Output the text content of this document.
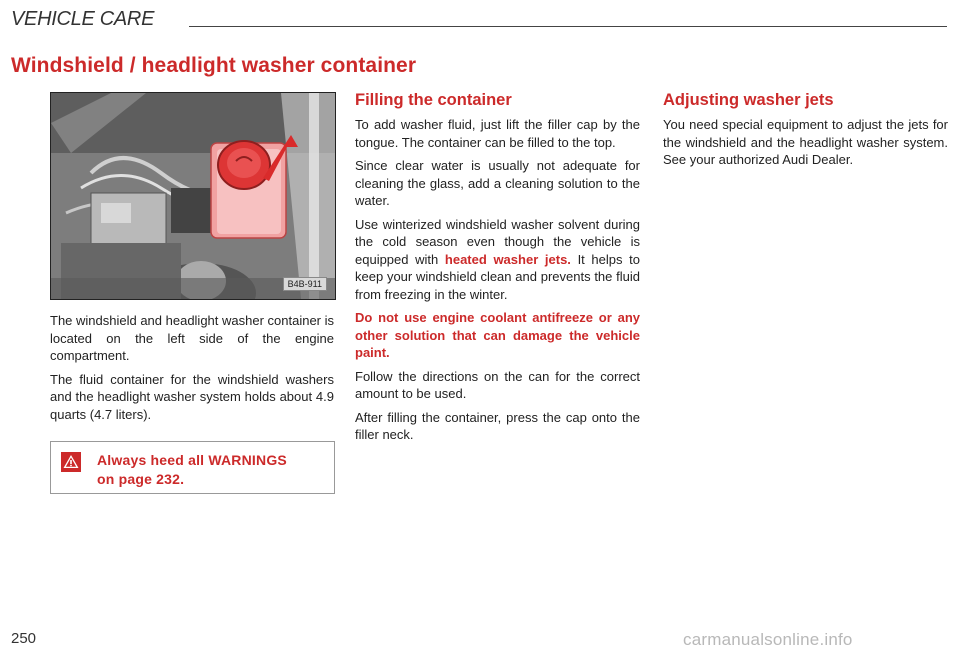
VEHICLE CARE
Windshield / headlight washer container
B4B-911

The windshield and headlight washer container is located on the left side of the engine compartment.

The fluid container for the windshield washers and the headlight washer system holds about 4.9 quarts (4.7 liters).

Always heed all WARNINGS
on page 232.
Filling the container

To add washer fluid, just lift the filler cap by the tongue. The container can be filled to the top.

Since clear water is usually not adequate for cleaning the glass, add a cleaning solution to the water.

Use winterized windshield washer solvent during the cold season even though the vehicle is equipped with heated washer jets. It helps to keep your windshield clean and prevents the fluid from freezing in the winter.

Do not use engine coolant antifreeze or any other solution that can damage the vehicle paint.

Follow the directions on the can for the correct amount to be used.

After filling the container, press the cap onto the filler neck.

Adjusting washer jets

You need special equipment to adjust the jets for the windshield and the headlight washer system. See your authorized Audi Dealer.

250	carmanualsonline.info
